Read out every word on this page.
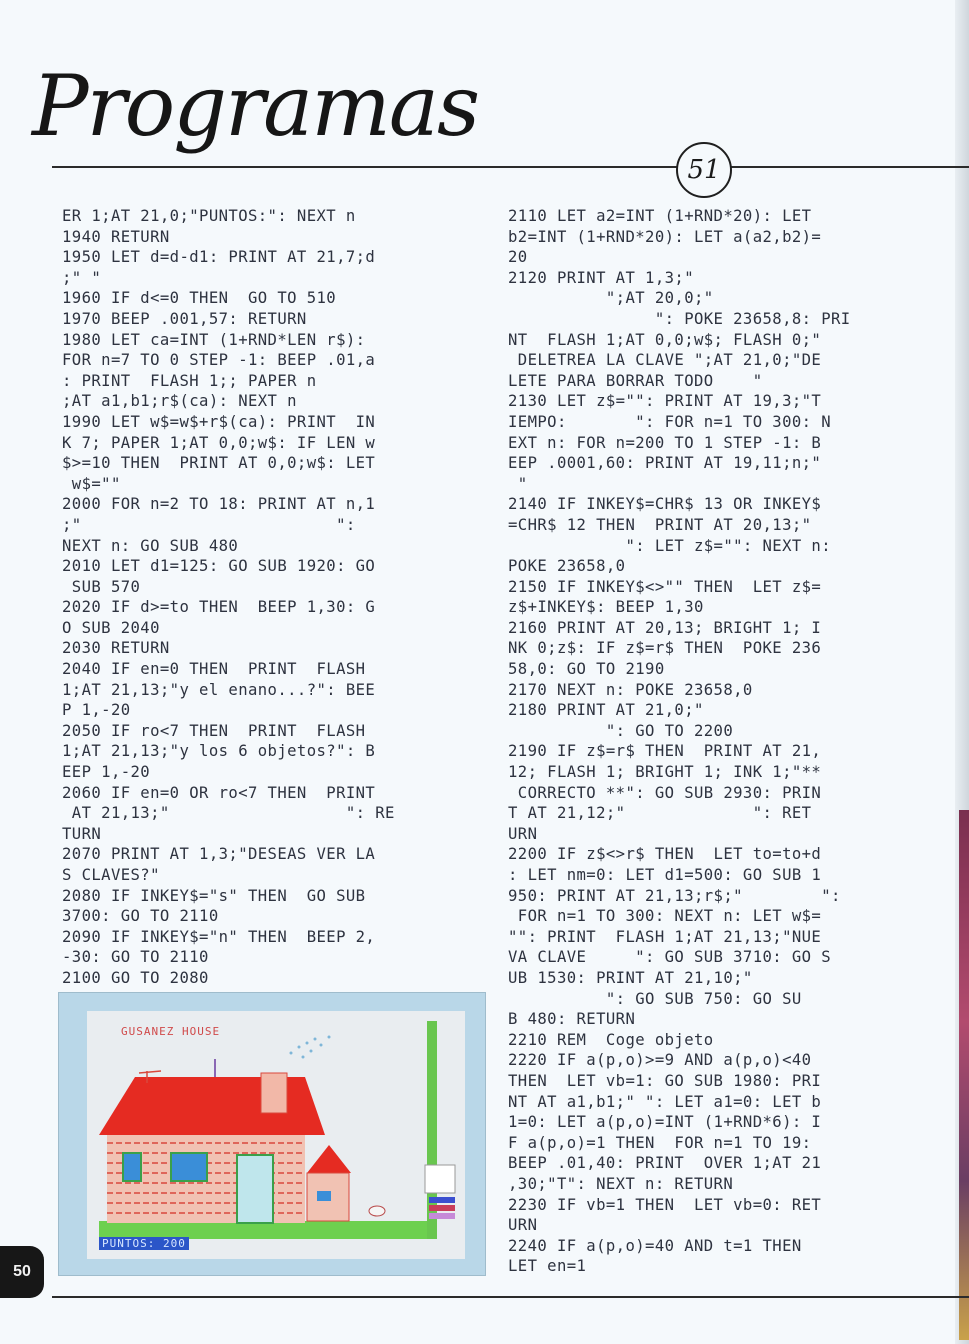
Programas
51
ER 1;AT 21,0;"PUNTOS:": NEXT n
1940 RETURN
1950 LET d=d-d1: PRINT AT 21,7;d
;" "
1960 IF d<=0 THEN  GO TO 510
1970 BEEP .001,57: RETURN
1980 LET ca=INT (1+RND*LEN r$):
FOR n=7 TO 0 STEP -1: BEEP .01,a
: PRINT  FLASH 1;; PAPER n
;AT a1,b1;r$(ca): NEXT n
1990 LET w$=w$+r$(ca): PRINT  IN
K 7; PAPER 1;AT 0,0;w$: IF LEN w
$>=10 THEN  PRINT AT 0,0;w$: LET
w$=""
2000 FOR n=2 TO 18: PRINT AT n,1
;"                          ":
NEXT n: GO SUB 480
2010 LET d1=125: GO SUB 1920: GO
SUB 570
2020 IF d>=to THEN  BEEP 1,30: G
O SUB 2040
2030 RETURN
2040 IF en=0 THEN  PRINT  FLASH
1;AT 21,13;"y el enano...?": BEE
P 1,-20
2050 IF ro<7 THEN  PRINT  FLASH
1;AT 21,13;"y los 6 objetos?": B
EEP 1,-20
2060 IF en=0 OR ro<7 THEN  PRINT
AT 21,13;"                  ": RE
TURN
2070 PRINT AT 1,3;"DESEAS VER LA
S CLAVES?"
2080 IF INKEY$="s" THEN  GO SUB
3700: GO TO 2110
2090 IF INKEY$="n" THEN  BEEP 2,
-30: GO TO 2110
2100 GO TO 2080
2110 LET a2=INT (1+RND*20): LET
b2=INT (1+RND*20): LET a(a2,b2)=
20
2120 PRINT AT 1,3;"
";AT 20,0;"
": POKE 23658,8: PRI
NT  FLASH 1;AT 0,0;w$; FLASH 0;"
DELETREA LA CLAVE ";AT 21,0;"DE
LETE PARA BORRAR TODO    "
2130 LET z$="": PRINT AT 19,3;"T
IEMPO:       ": FOR n=1 TO 300: N
EXT n: FOR n=200 TO 1 STEP -1: B
EEP .0001,60: PRINT AT 19,11;n;"
"
2140 IF INKEY$=CHR$ 13 OR INKEY$
=CHR$ 12 THEN  PRINT AT 20,13;"
": LET z$="": NEXT n:
POKE 23658,0
2150 IF INKEY$<>"" THEN  LET z$=
z$+INKEY$: BEEP 1,30
2160 PRINT AT 20,13; BRIGHT 1; I
NK 0;z$: IF z$=r$ THEN  POKE 236
58,0: GO TO 2190
2170 NEXT n: POKE 23658,0
2180 PRINT AT 21,0;"
": GO TO 2200
2190 IF z$=r$ THEN  PRINT AT 21,
12; FLASH 1; BRIGHT 1; INK 1;"**
CORRECTO **": GO SUB 2930: PRIN
T AT 21,12;"             ": RET
URN
2200 IF z$<>r$ THEN  LET to=to+d
: LET nm=0: LET d1=500: GO SUB 1
950: PRINT AT 21,13;r$;"        ":
FOR n=1 TO 300: NEXT n: LET w$=
"": PRINT  FLASH 1;AT 21,13;"NUE
VA CLAVE     ": GO SUB 3710: GO S
UB 1530: PRINT AT 21,10;"
": GO SUB 750: GO SU
B 480: RETURN
2210 REM  Coge objeto
2220 IF a(p,o)>=9 AND a(p,o)<40
THEN  LET vb=1: GO SUB 1980: PRI
NT AT a1,b1;" ": LET a1=0: LET b
1=0: LET a(p,o)=INT (1+RND*6): I
F a(p,o)=1 THEN  FOR n=1 TO 19:
BEEP .01,40: PRINT  OVER 1;AT 21
,30;"T": NEXT n: RETURN
2230 IF vb=1 THEN  LET vb=0: RET
URN
2240 IF a(p,o)=40 AND t=1 THEN
LET en=1
GUSANEZ HOUSE
PUNTOS: 200
50
